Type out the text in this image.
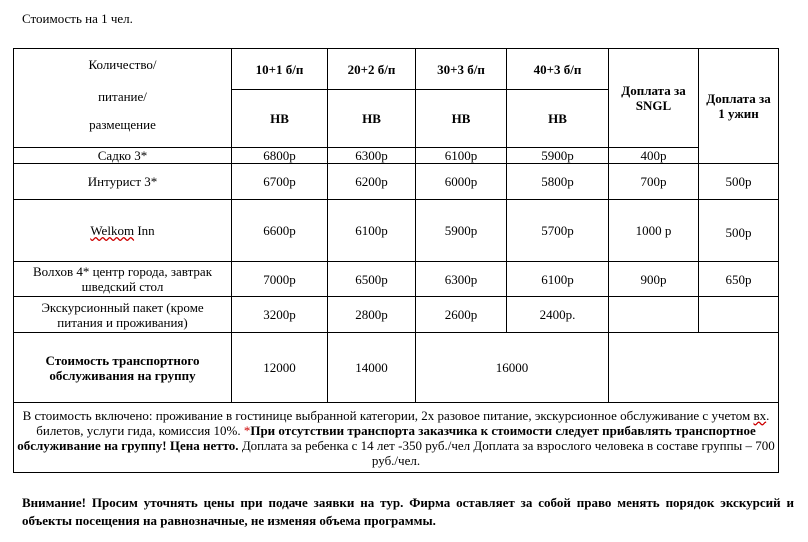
Стоимость на 1 чел.
Количество/
питание/
размещение	10+1 б/п	20+2 б/п	30+3 б/п	40+3 б/п	Доплата за SNGL	Доплата за 1 ужин
	HB	HB	HB	HB		
Садко 3*	6800р	6300р	6100р	5900р	400р	
Интурист 3*	6700р	6200р	6000р	5800р	700р	500р
Welkom Inn	6600р	6100р	5900р	5700р	1000 р	500р
Волхов 4* центр города, завтрак шведский стол	7000р	6500р	6300р	6100р	900р	650р
Экскурсионный пакет (кроме питания и проживания)	3200р	2800р	2600р	2400р.		
Стоимость транспортного обслуживания на группу	12000	14000	16000			
В стоимость включено: проживание в гостинице выбранной категории, 2х разовое питание, экскурсионное обслуживание с учетом вх. билетов, услуги гида, комиссия 10%. *При отсутствии транспорта заказчика к стоимости следует прибавлять транспортное обслуживание на группу! Цена нетто. Доплата за ребенка с 14 лет -350 руб./чел Доплата за взрослого человека в составе группы – 700 руб./чел.						
Внимание! Просим уточнять цены при подаче заявки на тур. Фирма оставляет за собой право менять порядок экскурсий и объекты посещения на равнозначные, не изменяя объема программы.
